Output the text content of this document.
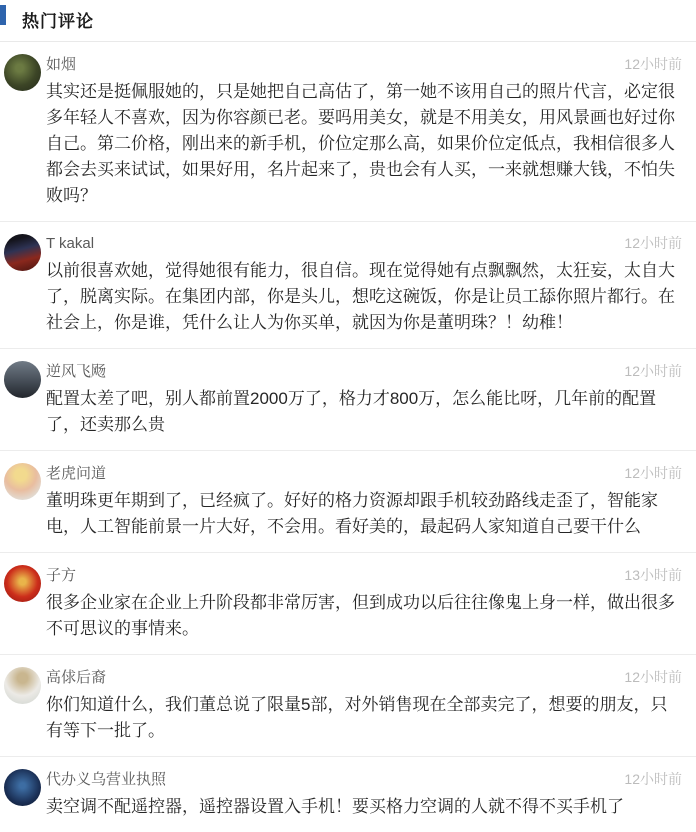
热门评论
如烟	12小时前
其实还是挺佩服她的，只是她把自己高估了，第一她不该用自己的照片代言，必定很多年轻人不喜欢，因为你容颜已老。要吗用美女，就是不用美女，用风景画也好过你自己。第二价格，刚出来的新手机，价位定那么高，如果价位定低点，我相信很多人都会去买来试试，如果好用，名片起来了，贵也会有人买，一来就想赚大钱，不怕失败吗？
T kakal	12小时前
以前很喜欢她，觉得她很有能力，很自信。现在觉得她有点飘飘然，太狂妄，太自大了，脱离实际。在集团内部，你是头儿，想吃这碗饭，你是让员工舔你照片都行。在社会上，你是谁，凭什么让人为你买单，就因为你是董明珠？！幼稚！
逆风飞飏	12小时前
配置太差了吧，别人都前置2000万了，格力才800万，怎么能比呀，几年前的配置了，还卖那么贵
老虎问道	12小时前
董明珠更年期到了，已经疯了。好好的格力资源却跟手机较劲路线走歪了，智能家电，人工智能前景一片大好，不会用。看好美的，最起码人家知道自己要干什么
子方	13小时前
很多企业家在企业上升阶段都非常厉害，但到成功以后往往像鬼上身一样，做出很多不可思议的事情来。
高俅后裔	12小时前
你们知道什么，我们董总说了限量5部，对外销售现在全部卖完了，想要的朋友，只有等下一批了。
代办义乌营业执照	12小时前
卖空调不配遥控器，遥控器设置入手机！要买格力空调的人就不得不买手机了
